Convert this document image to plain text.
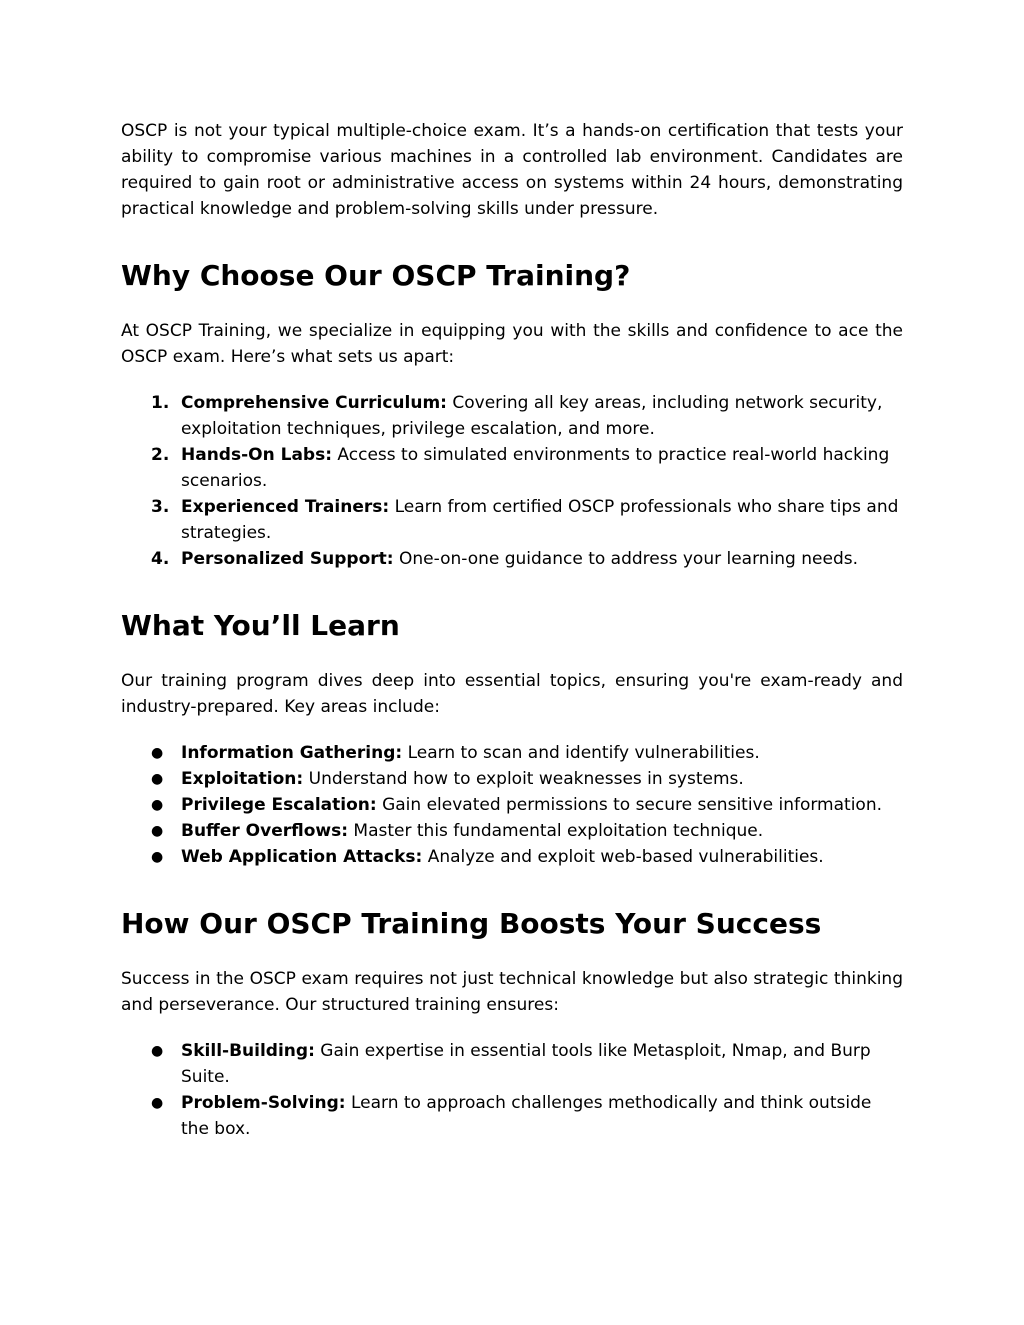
OSCP is not your typical multiple-choice exam. It’s a hands-on certification that tests your ability to compromise various machines in a controlled lab environment. Candidates are required to gain root or administrative access on systems within 24 hours, demonstrating practical knowledge and problem-solving skills under pressure.

Why Choose Our OSCP Training?

At OSCP Training, we specialize in equipping you with the skills and confidence to ace the OSCP exam. Here’s what sets us apart:

1. Comprehensive Curriculum: Covering all key areas, including network security, exploitation techniques, privilege escalation, and more.
2. Hands-On Labs: Access to simulated environments to practice real-world hacking scenarios.
3. Experienced Trainers: Learn from certified OSCP professionals who share tips and strategies.
4. Personalized Support: One-on-one guidance to address your learning needs.
What You’ll Learn

Our training program dives deep into essential topics, ensuring you're exam-ready and industry-prepared. Key areas include:

● Information Gathering: Learn to scan and identify vulnerabilities.
● Exploitation: Understand how to exploit weaknesses in systems.
● Privilege Escalation: Gain elevated permissions to secure sensitive information.
● Buffer Overflows: Master this fundamental exploitation technique.
● Web Application Attacks: Analyze and exploit web-based vulnerabilities.
How Our OSCP Training Boosts Your Success

Success in the OSCP exam requires not just technical knowledge but also strategic thinking and perseverance. Our structured training ensures:

● Skill-Building: Gain expertise in essential tools like Metasploit, Nmap, and Burp Suite.
● Problem-Solving: Learn to approach challenges methodically and think outside the box.
